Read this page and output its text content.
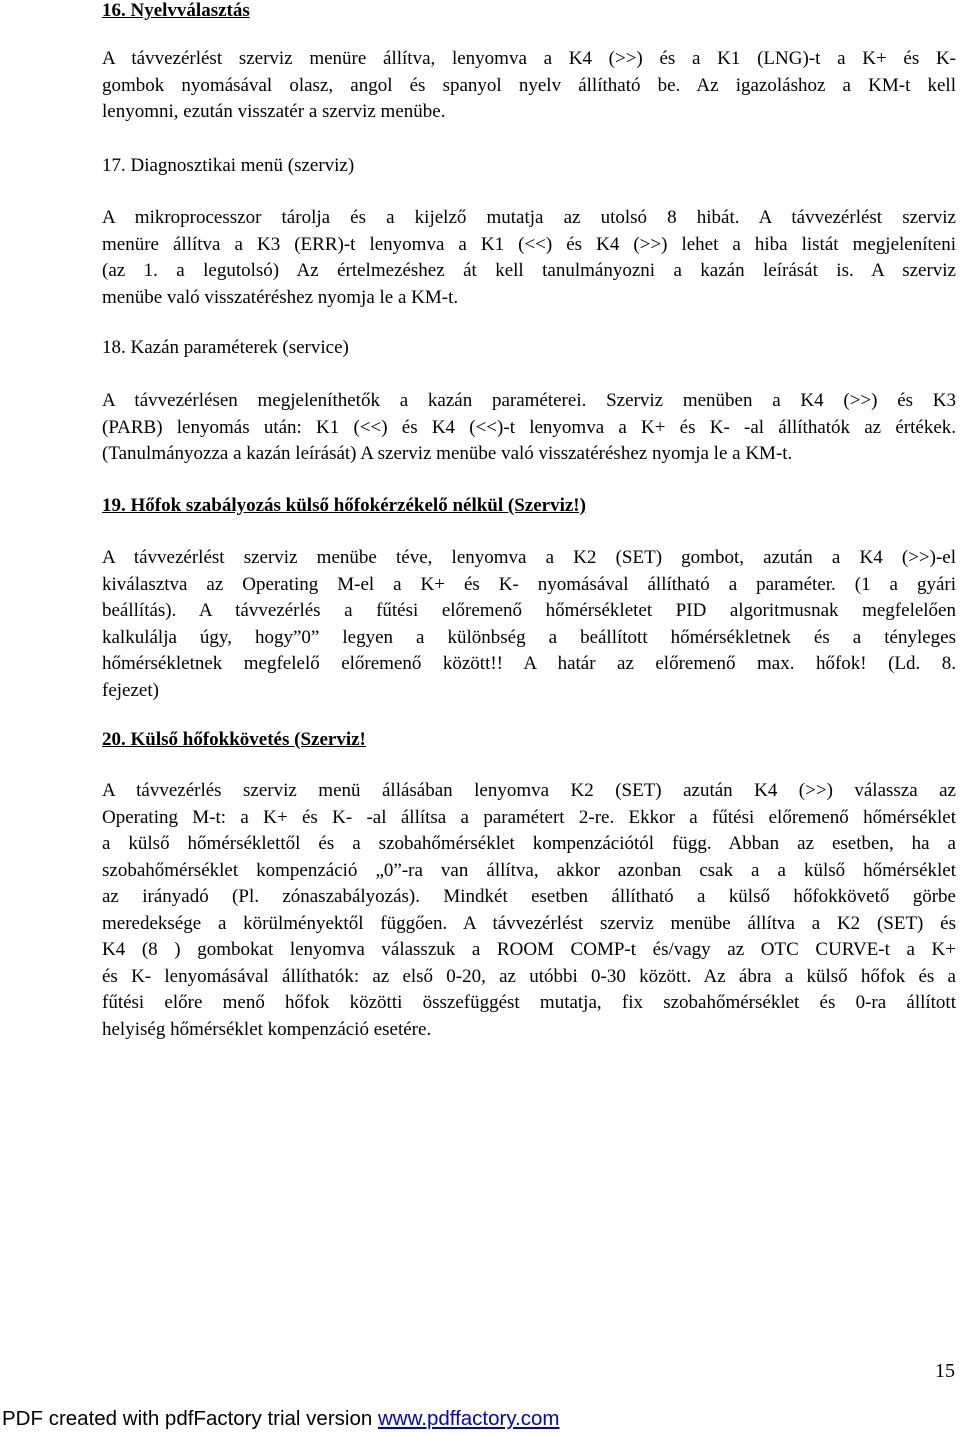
16. Nyelvválasztás
A távvezérlést szerviz menüre állítva, lenyomva a K4 (>>) és a K1 (LNG)-t a K+ és K-
gombok nyomásával olasz, angol és spanyol nyelv állítható be. Az igazoláshoz a KM-t kell
lenyomni, ezután visszatér a szerviz menübe.
17. Diagnosztikai menü (szerviz)
A mikroprocesszor tárolja és a kijelző mutatja az utolsó 8 hibát. A távvezérlést szerviz
menüre állítva a K3 (ERR)-t lenyomva a K1 (<<) és K4 (>>) lehet a hiba listát megjeleníteni
(az 1. a legutolsó) Az értelmezéshez át kell tanulmányozni a kazán leírását is. A szerviz
menübe való visszatéréshez nyomja le a KM-t.
18. Kazán paraméterek (service)
A távvezérlésen megjeleníthetők a kazán paraméterei. Szerviz menüben a K4 (>>) és K3
(PARB) lenyomás után: K1 (<<) és K4 (<<)-t lenyomva a K+ és K- -al állíthatók az értékek.
(Tanulmányozza a kazán leírását) A szerviz menübe való visszatéréshez nyomja le a KM-t.
19. Hőfok szabályozás külső hőfokérzékelő nélkül (Szerviz!)
A távvezérlést szerviz menübe téve, lenyomva a K2 (SET) gombot, azután a K4 (>>)-el
kiválasztva az Operating M-el a K+ és K- nyomásával állítható a paraméter. (1 a gyári
beállítás). A távvezérlés a fűtési előremenő hőmérsékletet PID algoritmusnak megfelelően
kalkulálja úgy, hogy”0” legyen a különbség a beállított hőmérsékletnek és a tényleges
hőmérsékletnek megfelelő előremenő között!! A határ az előremenő max. hőfok! (Ld. 8.
fejezet)
20. Külső hőfokkövetés (Szerviz!
A távvezérlés szerviz menü állásában lenyomva K2 (SET) azután K4 (>>) válassza az
Operating M-t: a K+ és K- -al állítsa a paramétert 2-re. Ekkor a fűtési előremenő hőmérséklet
a külső hőmérséklettől és a szobahőmérséklet kompenzációtól függ. Abban az esetben, ha a
szobahőmérséklet kompenzáció „0”-ra van állítva, akkor azonban csak a a külső hőmérséklet
az irányadó (Pl. zónaszabályozás). Mindkét esetben állítható a külső hőfokkövető görbe
meredeksége a körülményektől függően. A távvezérlést szerviz menübe állítva a K2 (SET) és
K4 (8 ) gombokat lenyomva válasszuk a ROOM COMP-t és/vagy az OTC CURVE-t a K+
és K- lenyomásával állíthatók: az első 0-20, az utóbbi 0-30 között. Az ábra a külső hőfok és a
fűtési előre menő hőfok közötti összefüggést mutatja, fix szobahőmérséklet és 0-ra állított
helyiség hőmérséklet kompenzáció esetére.
15
PDF created with pdfFactory trial version www.pdffactory.com
